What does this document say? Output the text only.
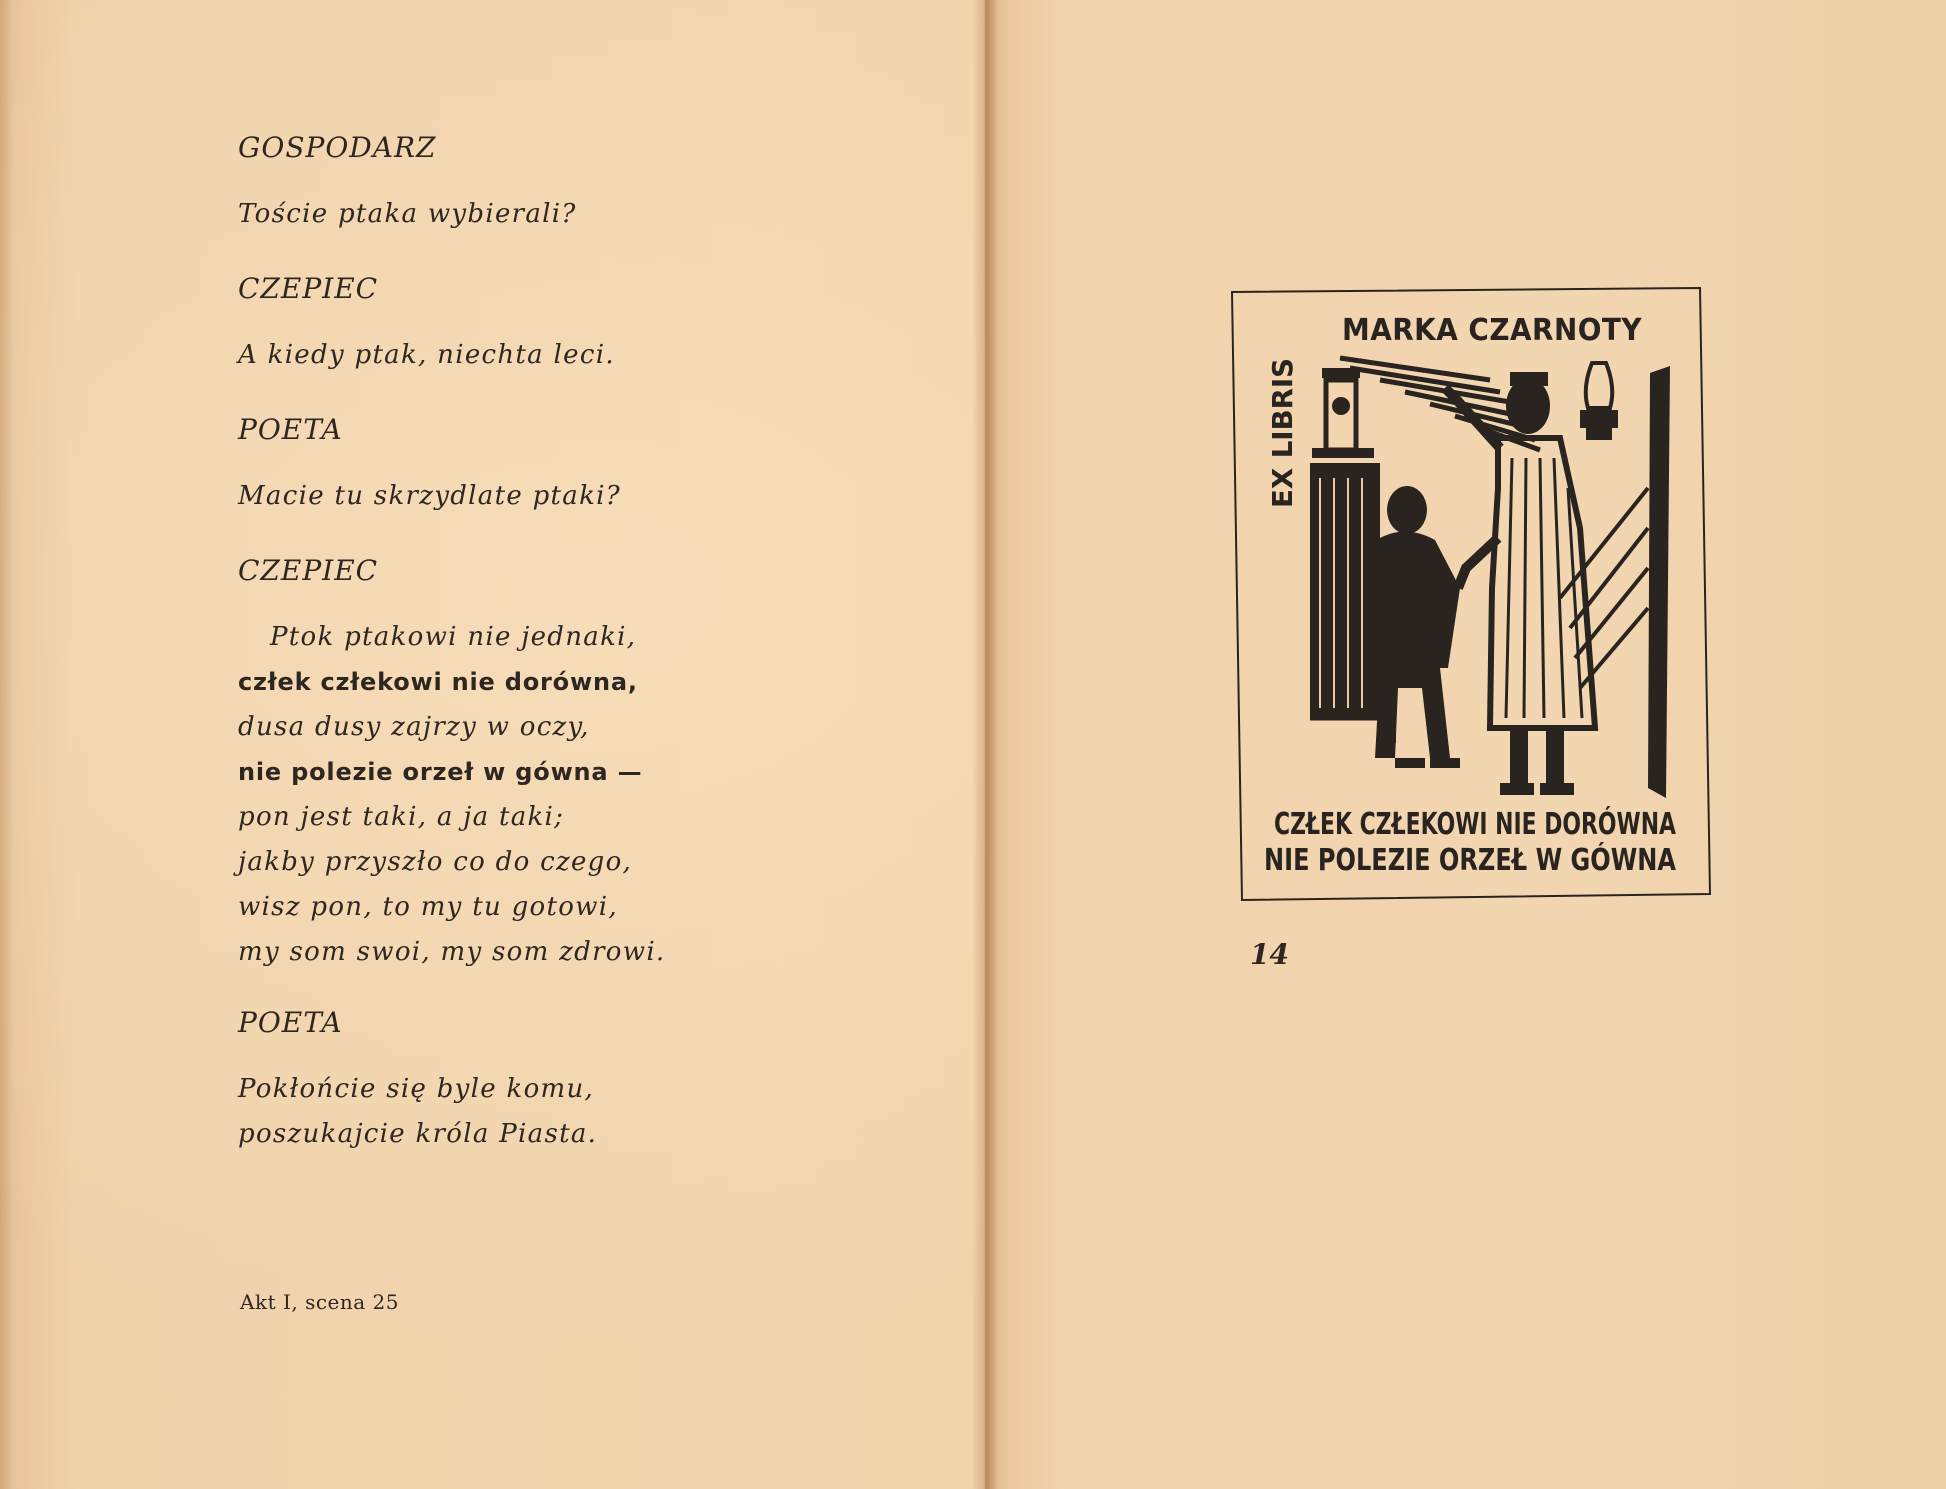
GOSPODARZ

Toście ptaka wybierali?

CZEPIEC

A kiedy ptak, niechta leci.

POETA

Macie tu skrzydlate ptaki?

CZEPIEC

Ptok ptakowi nie jednaki,

człek człekowi nie dorówna,

dusa dusy zajrzy w oczy,

nie polezie orzeł w gówna —

pon jest taki, a ja taki;

jakby przyszło co do czego,

wisz pon, to my tu gotowi,

my som swoi, my som zdrowi.

POETA

Pokłońcie się byle komu,

poszukajcie króla Piasta.

Akt I, scena 25

MARKA CZARNOTY
EX LIBRIS
CZŁEK CZŁEKOWI NIE DORÓWNA
NIE POLEZIE ORZEŁ W GÓWNA

14
